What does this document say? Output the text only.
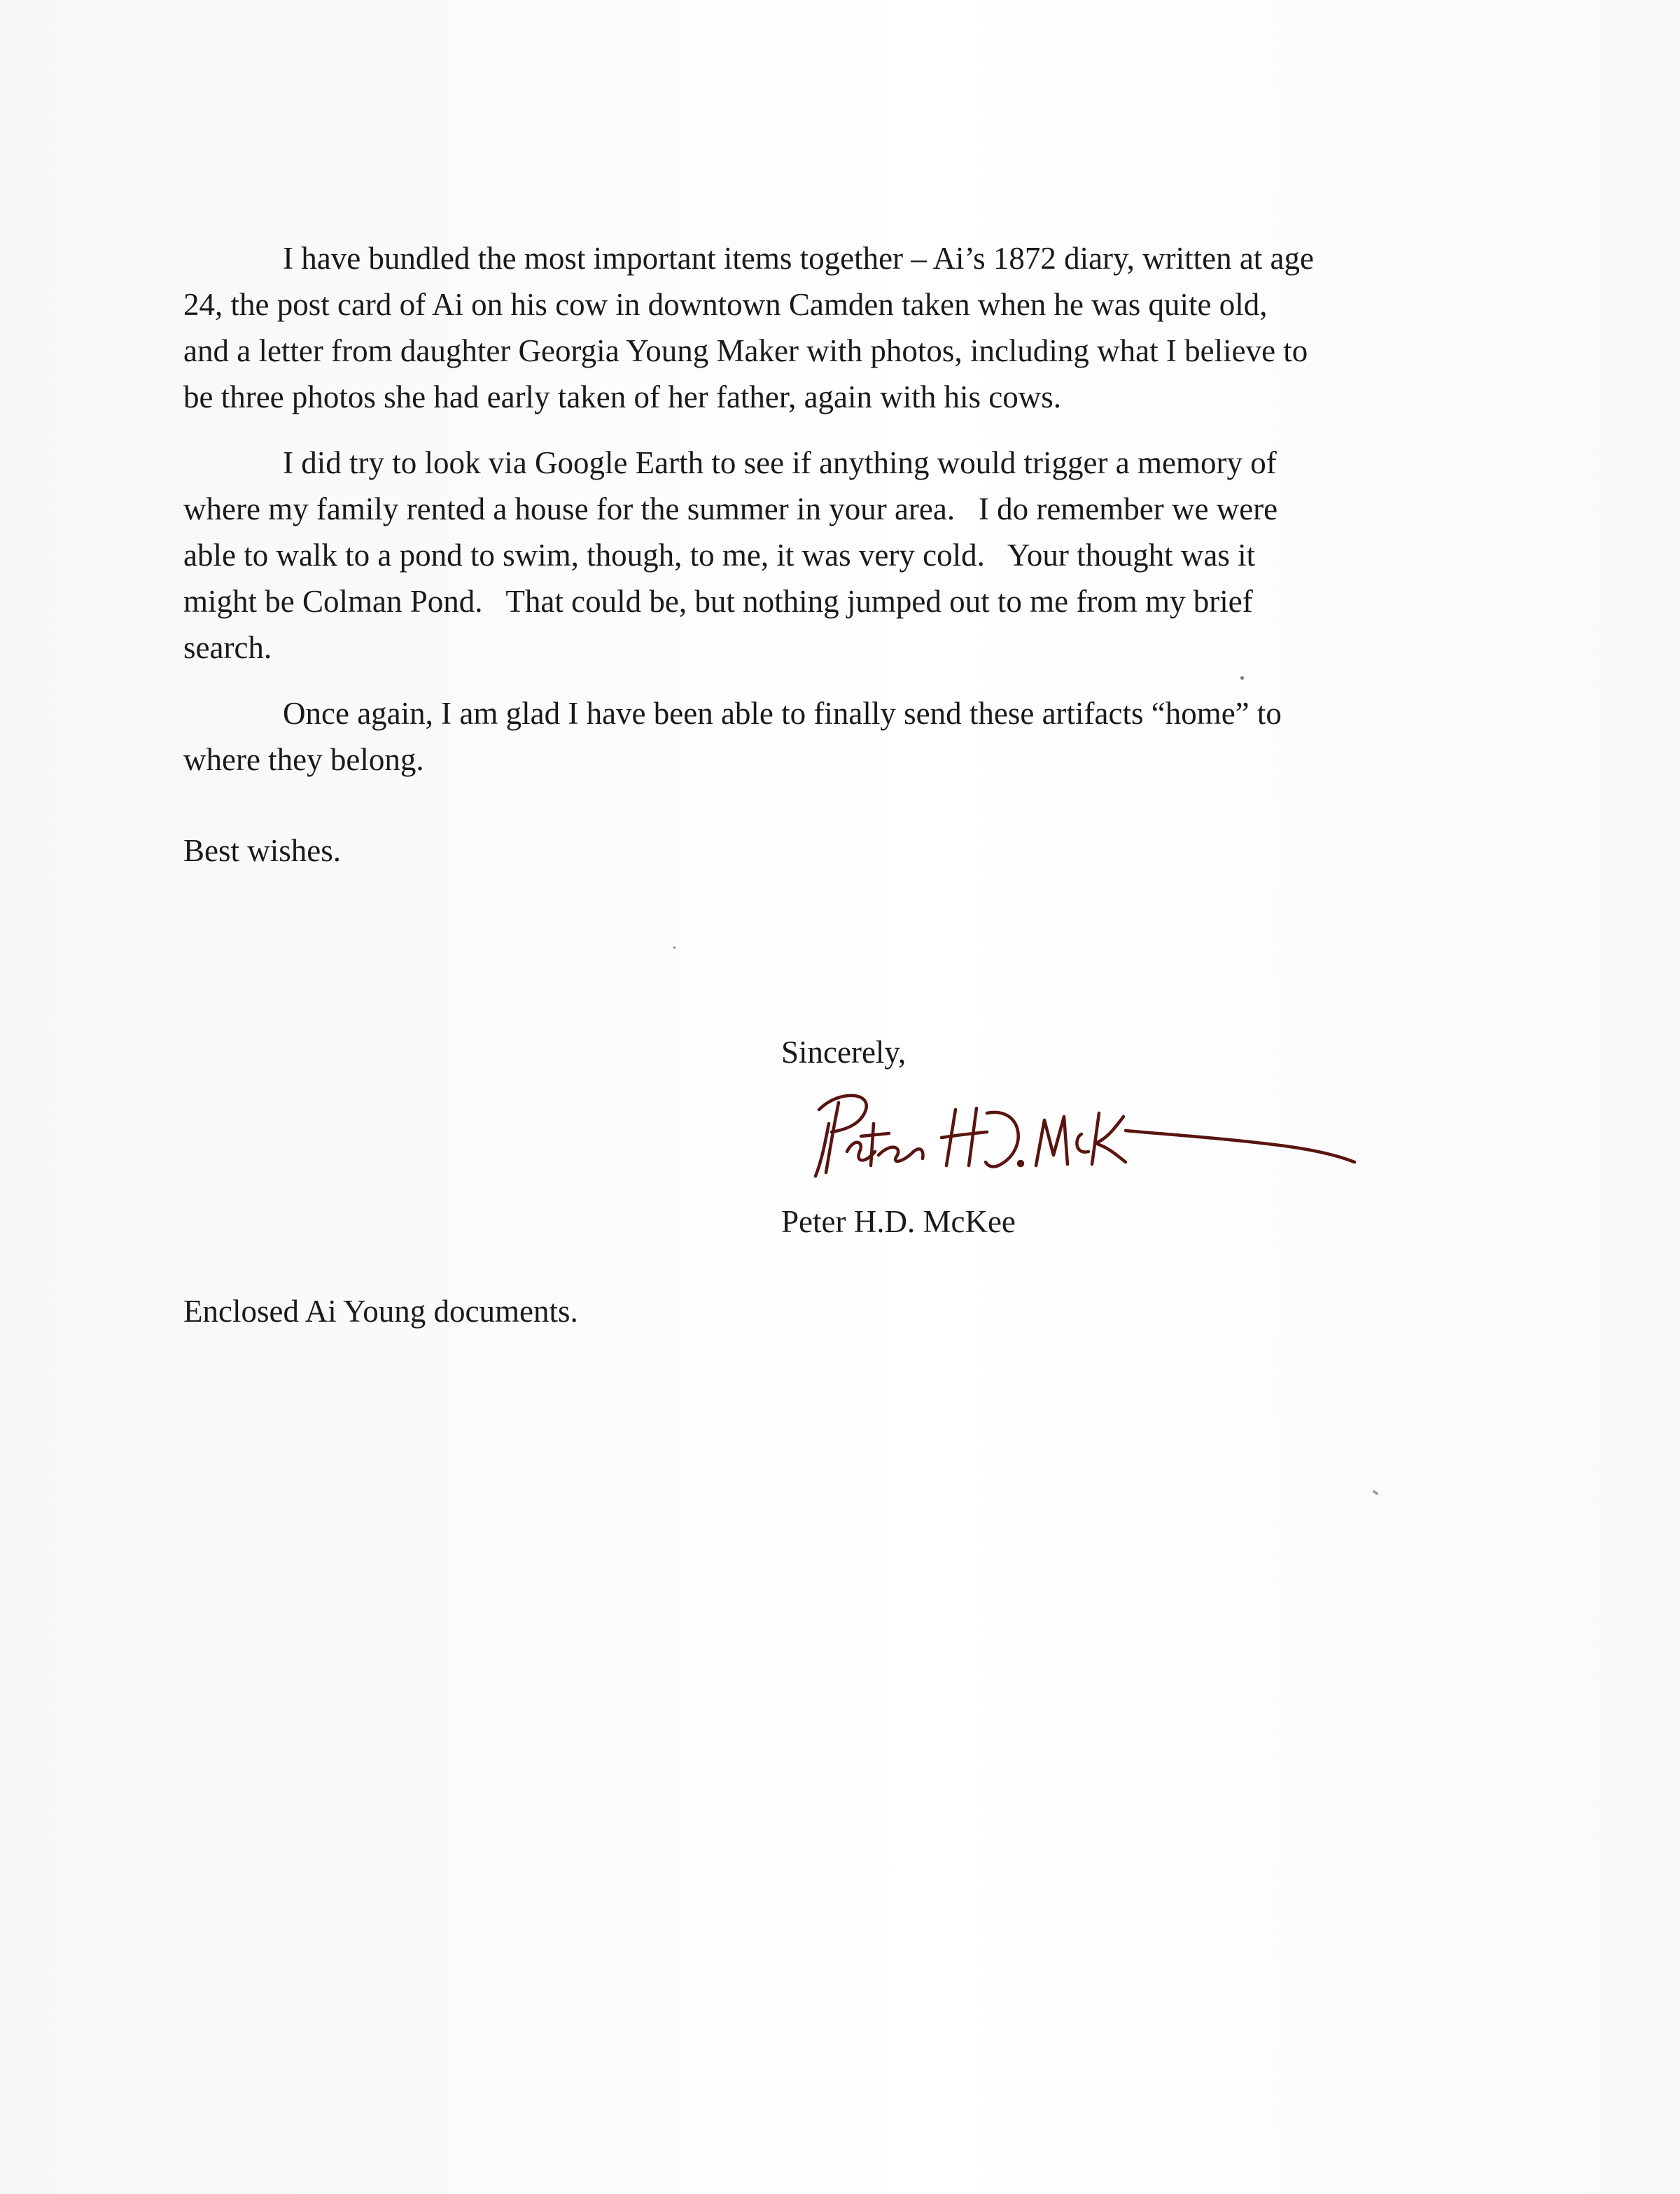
I have bundled the most important items together – Ai’s 1872 diary, written at age
24, the post card of Ai on his cow in downtown Camden taken when he was quite old,
and a letter from daughter Georgia Young Maker with photos, including what I believe to
be three photos she had early taken of her father, again with his cows.

I did try to look via Google Earth to see if anything would trigger a memory of
where my family rented a house for the summer in your area.   I do remember we were
able to walk to a pond to swim, though, to me, it was very cold.   Your thought was it
might be Colman Pond.   That could be, but nothing jumped out to me from my brief
search.

Once again, I am glad I have been able to finally send these artifacts “home” to
where they belong.

Best wishes.

Sincerely,

Peter H.D. McKee

Enclosed Ai Young documents.
